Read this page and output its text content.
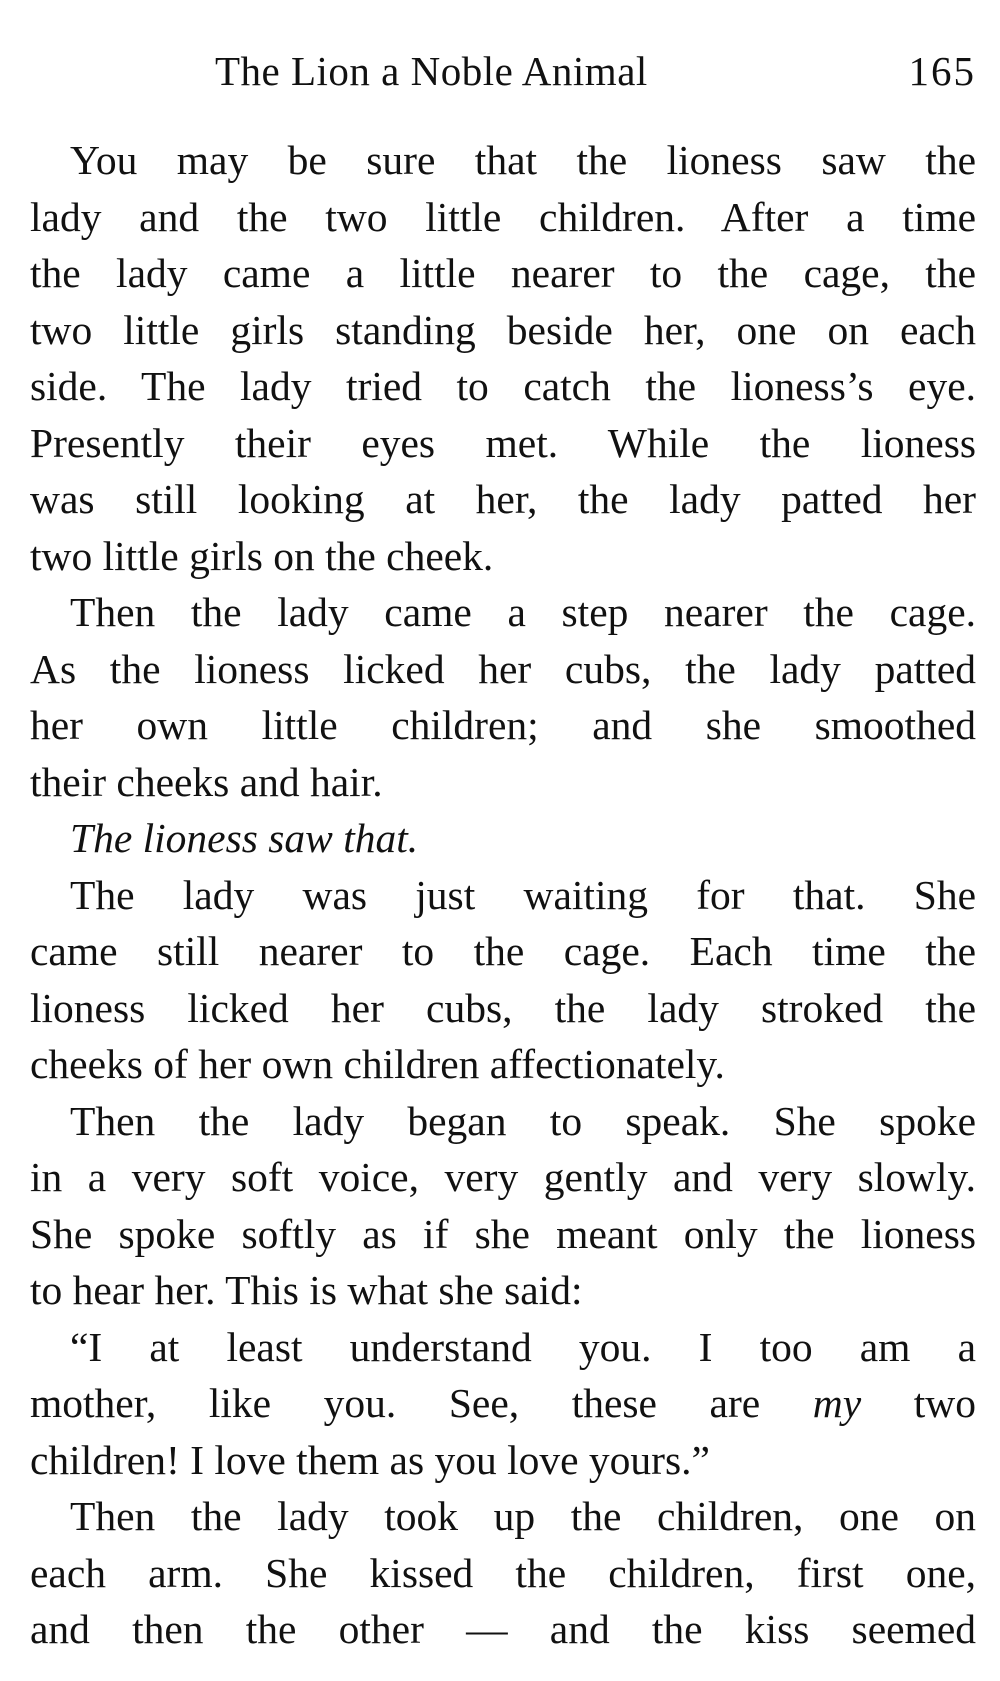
The Lion a Noble Animal	165
You may be sure that the lioness saw the
lady and the two little children. After a time
the lady came a little nearer to the cage, the
two little girls standing beside her, one on each
side. The lady tried to catch the lioness’s eye.
Presently their eyes met. While the lioness
was still looking at her, the lady patted her
two little girls on the cheek.
Then the lady came a step nearer the cage.
As the lioness licked her cubs, the lady patted
her own little children; and she smoothed
their cheeks and hair.
The lioness saw that.
The lady was just waiting for that. She
came still nearer to the cage. Each time the
lioness licked her cubs, the lady stroked the
cheeks of her own children affectionately.
Then the lady began to speak. She spoke
in a very soft voice, very gently and very slowly.
She spoke softly as if she meant only the lioness
to hear her. This is what she said:
“I at least understand you. I too am a
mother, like you. See, these are my two
children! I love them as you love yours.”
Then the lady took up the children, one on
each arm. She kissed the children, first one,
and then the other — and the kiss seemed
